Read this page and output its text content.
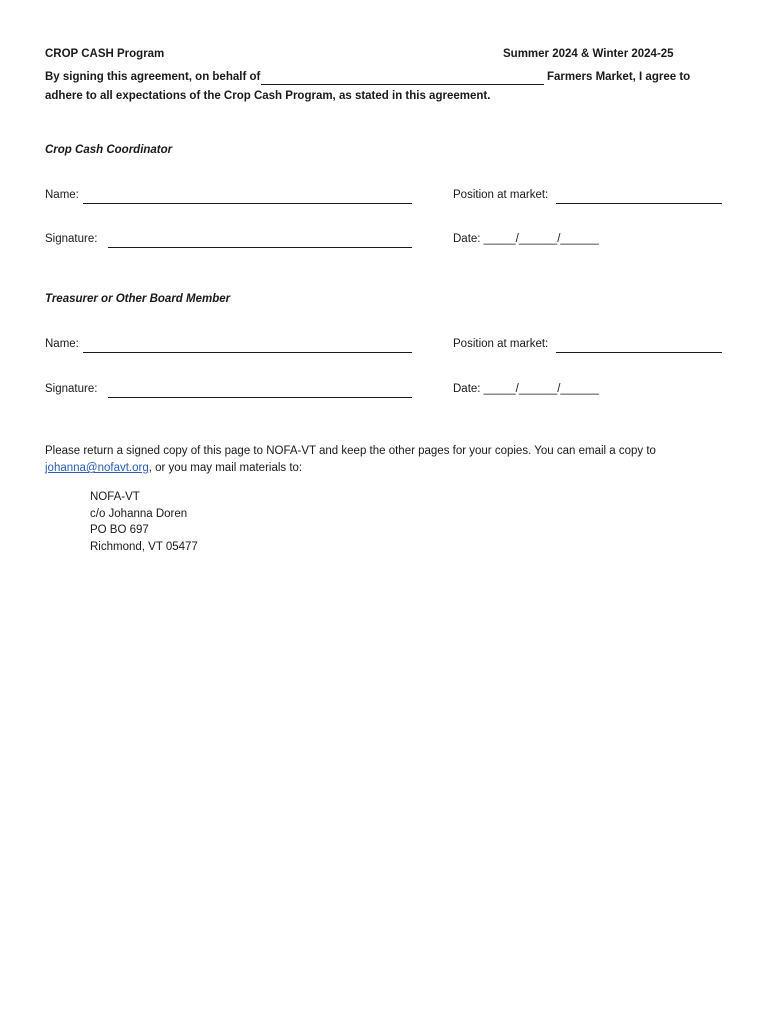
CROP CASH Program	Summer 2024 & Winter 2024-25
By signing this agreement, on behalf of	Farmers Market, I agree to
adhere to all expectations of the Crop Cash Program, as stated in this agreement.
Crop Cash Coordinator
Name:	Position at market:
Signature:	Date: _____/______/______
Treasurer or Other Board Member
Name:	Position at market:
Signature:	Date: _____/______/______
Please return a signed copy of this page to NOFA-VT and keep the other pages for your copies. You can email a copy to
johanna@nofavt.org, or you may mail materials to:
NOFA-VT
c/o Johanna Doren
PO BO 697
Richmond, VT 05477
